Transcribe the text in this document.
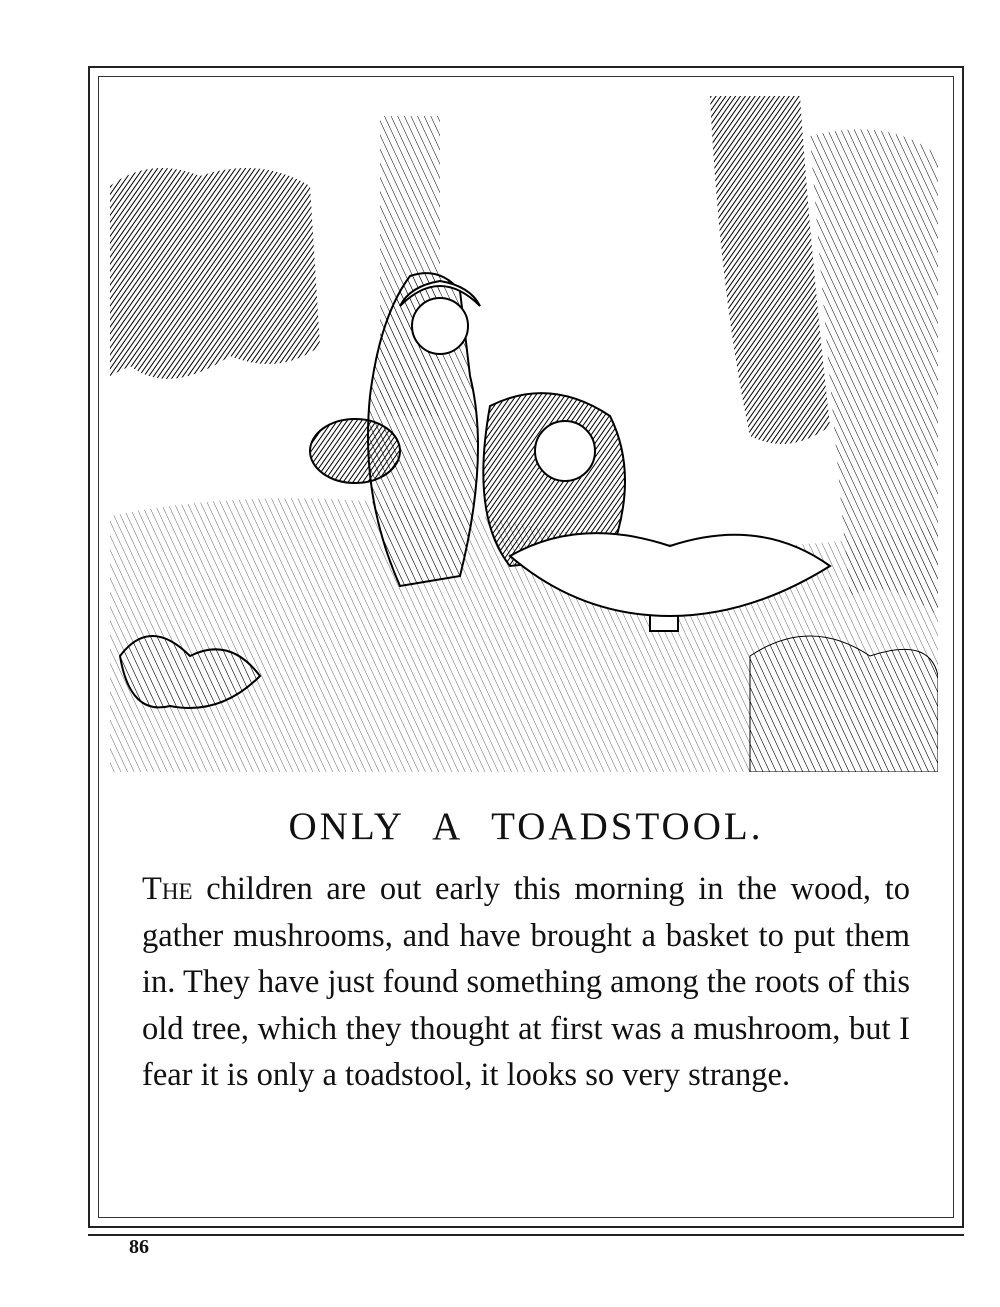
ONLY A TOADSTOOL.

The children are out early this morning in the wood, to gather mushrooms, and have brought a basket to put them in. They have just found something among the roots of this old tree, which they thought at first was a mushroom, but I fear it is only a toadstool, it looks so very strange.

86
